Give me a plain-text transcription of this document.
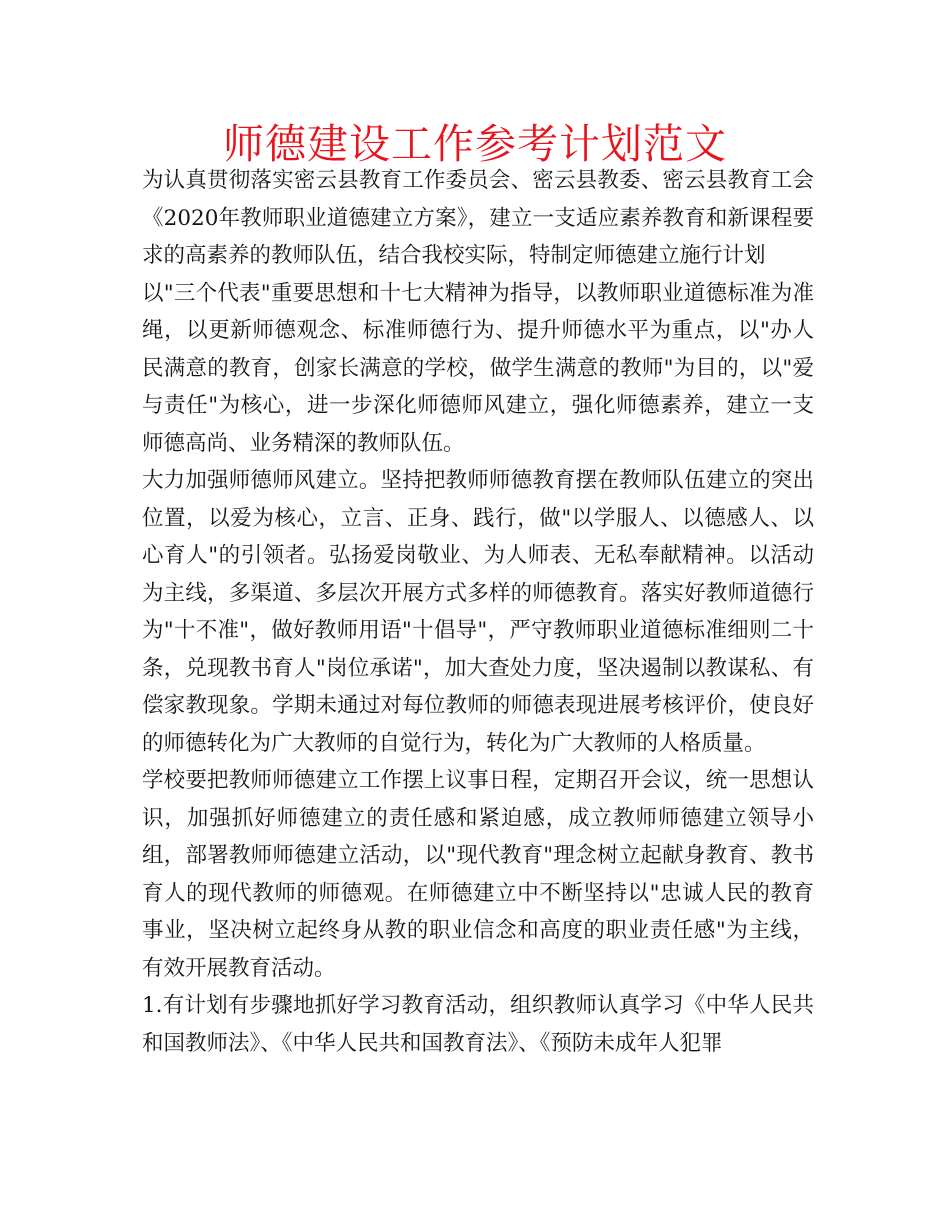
师德建设工作参考计划范文

为认真贯彻落实密云县教育工作委员会、密云县教委、密云县教育工会《2020年教师职业道德建立方案》，建立一支适应素养教育和新课程要求的高素养的教师队伍，结合我校实际，特制定师德建立施行计划

以"三个代表"重要思想和十七大精神为指导，以教师职业道德标准为准绳，以更新师德观念、标准师德行为、提升师德水平为重点，以"办人民满意的教育，创家长满意的学校，做学生满意的教师"为目的，以"爱与责任"为核心，进一步深化师德师风建立，强化师德素养，建立一支师德高尚、业务精深的教师队伍。

大力加强师德师风建立。坚持把教师师德教育摆在教师队伍建立的突出位置，以爱为核心，立言、正身、践行，做"以学服人、以德感人、以心育人"的引领者。弘扬爱岗敬业、为人师表、无私奉献精神。以活动为主线，多渠道、多层次开展方式多样的师德教育。落实好教师道德行为"十不准"，做好教师用语"十倡导"，严守教师职业道德标准细则二十条，兑现教书育人"岗位承诺"，加大查处力度，坚决遏制以教谋私、有偿家教现象。学期未通过对每位教师的师德表现进展考核评价，使良好的师德转化为广大教师的自觉行为，转化为广大教师的人格质量。

学校要把教师师德建立工作摆上议事日程，定期召开会议，统一思想认识，加强抓好师德建立的责任感和紧迫感，成立教师师德建立领导小组，部署教师师德建立活动，以"现代教育"理念树立起献身教育、教书育人的现代教师的师德观。在师德建立中不断坚持以"忠诚人民的教育事业，坚决树立起终身从教的职业信念和高度的职业责任感"为主线，有效开展教育活动。

1.有计划有步骤地抓好学习教育活动，组织教师认真学习《中华人民共和国教师法》、《中华人民共和国教育法》、《预防未成年人犯罪
